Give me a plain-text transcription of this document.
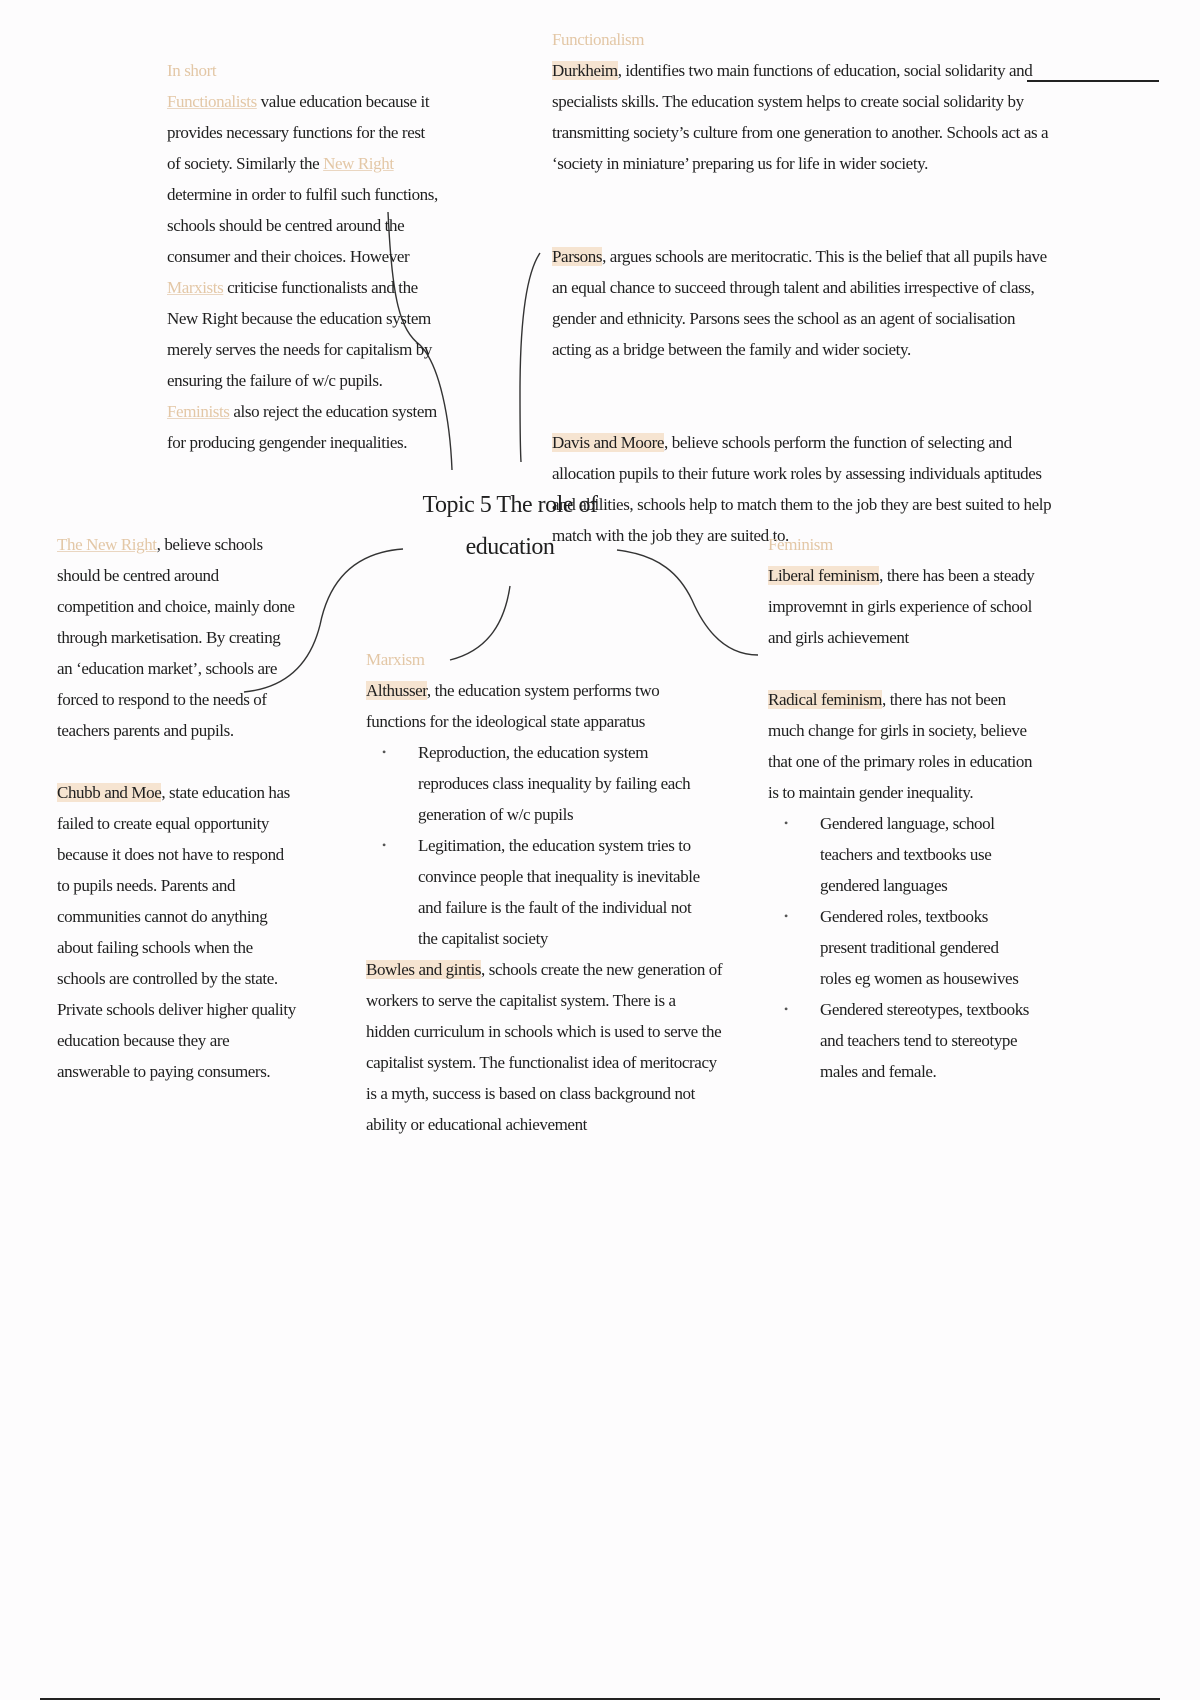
Topic 5 The role of
education
In short
Functionalists value education because it
provides necessary functions for the rest
of society. Similarly the New Right
determine in order to fulfil such functions,
schools should be centred around the
consumer and their choices. However
Marxists criticise functionalists and the
New Right because the education system
merely serves the needs for capitalism by
ensuring the failure of w/c pupils.
Feminists also reject the education system
for producing gengender inequalities.
Functionalism
Durkheim, identifies two main functions of education, social solidarity and
specialists skills. The education system helps to create social solidarity by
transmitting society’s culture from one generation to another. Schools act as a
‘society in miniature’ preparing us for life in wider society.

Parsons, argues schools are meritocratic. This is the belief that all pupils have
an equal chance to succeed through talent and abilities irrespective of class,
gender and ethnicity. Parsons sees the school as an agent of socialisation
acting as a bridge between the family and wider society.

Davis and Moore, believe schools perform the function of selecting and
allocation pupils to their future work roles by assessing individuals aptitudes
and abilities, schools help to match them to the job they are best suited to help
match with the job they are suited to.
The New Right, believe schools
should be centred around
competition and choice, mainly done
through marketisation. By creating
an ‘education market’, schools are
forced to respond to the needs of
teachers parents and pupils.

Chubb and Moe, state education has
failed to create equal opportunity
because it does not have to respond
to pupils needs. Parents and
communities cannot do anything
about failing schools when the
schools are controlled by the state.
Private schools deliver higher quality
education because they are
answerable to paying consumers.
Marxism
Althusser, the education system performs two
functions for the ideological state apparatus
• Reproduction, the education system
reproduces class inequality by failing each
generation of w/c pupils
• Legitimation, the education system tries to
convince people that inequality is inevitable
and failure is the fault of the individual not
the capitalist society
Bowles and gintis, schools create the new generation of
workers to serve the capitalist system. There is a
hidden curriculum in schools which is used to serve the
capitalist system. The functionalist idea of meritocracy
is a myth, success is based on class background not
ability or educational achievement
Feminism
Liberal feminism, there has been a steady
improvemnt in girls experience of school
and girls achievement

Radical feminism, there has not been
much change for girls in society, believe
that one of the primary roles in education
is to maintain gender inequality.
• Gendered language, school
teachers and textbooks use
gendered languages
• Gendered roles, textbooks
present traditional gendered
roles eg women as housewives
• Gendered stereotypes, textbooks
and teachers tend to stereotype
males and female.
